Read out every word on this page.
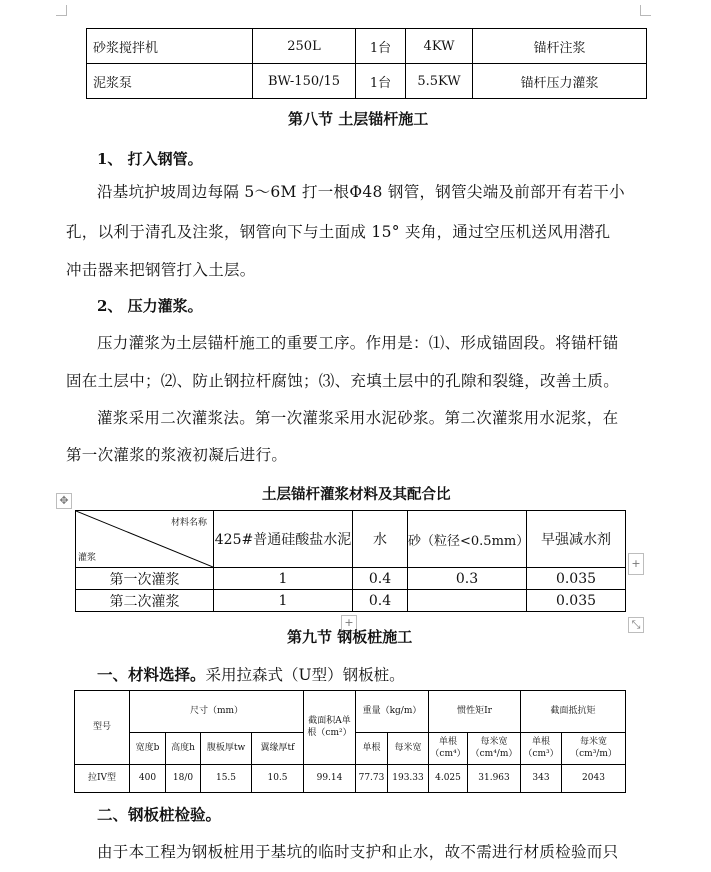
砂浆搅拌机	250L	1台	4KW	锚杆注浆
泥浆泵	BW-150/15	1台	5.5KW	锚杆压力灌浆
第八节 土层锚杆施工
1、 打入钢管。
沿基坑护坡周边每隔 5～6M 打一根Φ48 钢管，钢管尖端及前部开有若干小
孔，以利于清孔及注浆，钢管向下与土面成 15° 夹角，通过空压机送风用潜孔
冲击器来把钢管打入土层。
2、 压力灌浆。
压力灌浆为土层锚杆施工的重要工序。作用是：⑴、形成锚固段。将锚杆锚
固在土层中；⑵、防止钢拉杆腐蚀；⑶、充填土层中的孔隙和裂缝，改善土质。
灌浆采用二次灌浆法。第一次灌浆采用水泥砂浆。第二次灌浆用水泥浆，在
第一次灌浆的浆液初凝后进行。
土层锚杆灌浆材料及其配合比
✥
材料名称
灌浆	425#普通硅酸盐水泥	水	砂（粒径<0.5mm）	早强减水剂
第一次灌浆	1	0.4	0.3	0.035
第二次灌浆	1	0.4		0.035
+
+	⤡
第九节 钢板桩施工
一、材料选择。采用拉森式（U型）钢板桩。
型号	尺寸（mm）				截面积A单根（cm²）	重量（kg/m）		惯性矩Ir		截面抵抗矩	
	宽度b	高度h	腹板厚tw	翼缘厚tf		单根	每米宽	单根（cm⁴）	每米宽（cm⁴/m）	单根（cm³）	每米宽（cm³/m）
拉IV型	400	18/0	15.5	10.5	99.14	77.73	193.33	4.025	31.963	343	2043
二、钢板桩检验。
由于本工程为钢板桩用于基坑的临时支护和止水，故不需进行材质检验而只
